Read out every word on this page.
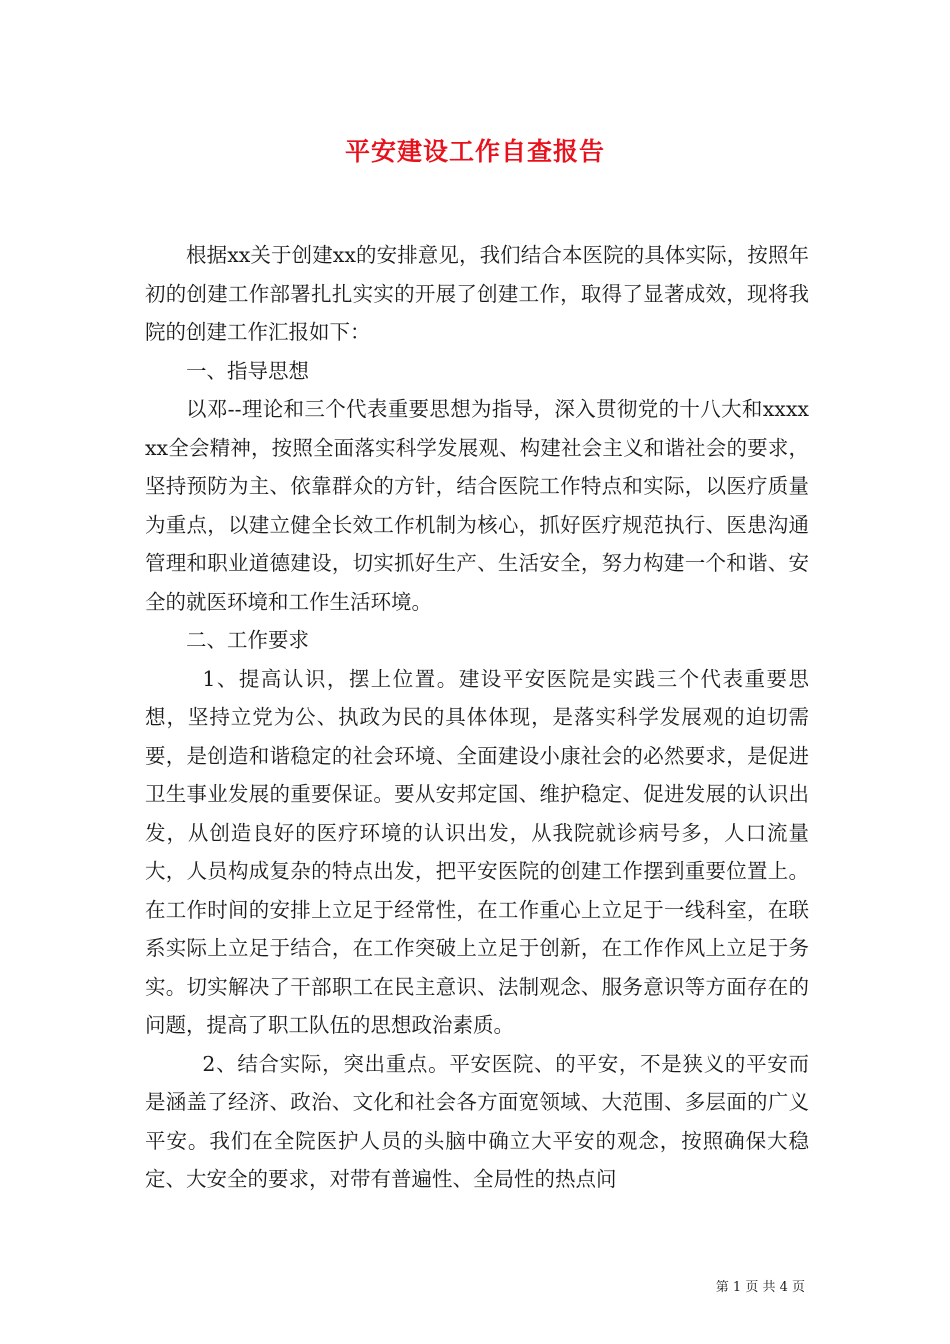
平安建设工作自查报告

根据xx关于创建xx的安排意见，我们结合本医院的具体实际，按照年初的创建工作部署扎扎实实的开展了创建工作，取得了显著成效，现将我院的创建工作汇报如下：

一、指导思想

以邓--理论和三个代表重要思想为指导，深入贯彻党的十八大和xxxxxx全会精神，按照全面落实科学发展观、构建社会主义和谐社会的要求，坚持预防为主、依靠群众的方针，结合医院工作特点和实际，以医疗质量为重点，以建立健全长效工作机制为核心，抓好医疗规范执行、医患沟通管理和职业道德建设，切实抓好生产、生活安全，努力构建一个和谐、安全的就医环境和工作生活环境。

二、工作要求

1、提高认识，摆上位置。建设平安医院是实践三个代表重要思想，坚持立党为公、执政为民的具体体现，是落实科学发展观的迫切需要，是创造和谐稳定的社会环境、全面建设小康社会的必然要求，是促进卫生事业发展的重要保证。要从安邦定国、维护稳定、促进发展的认识出发，从创造良好的医疗环境的认识出发，从我院就诊病号多，人口流量大，人员构成复杂的特点出发，把平安医院的创建工作摆到重要位置上。在工作时间的安排上立足于经常性，在工作重心上立足于一线科室，在联系实际上立足于结合，在工作突破上立足于创新，在工作作风上立足于务实。切实解决了干部职工在民主意识、法制观念、服务意识等方面存在的问题，提高了职工队伍的思想政治素质。

2、结合实际，突出重点。平安医院、的平安，不是狭义的平安而是涵盖了经济、政治、文化和社会各方面宽领域、大范围、多层面的广义平安。我们在全院医护人员的头脑中确立大平安的观念，按照确保大稳定、大安全的要求，对带有普遍性、全局性的热点问

第 1 页 共 4 页
